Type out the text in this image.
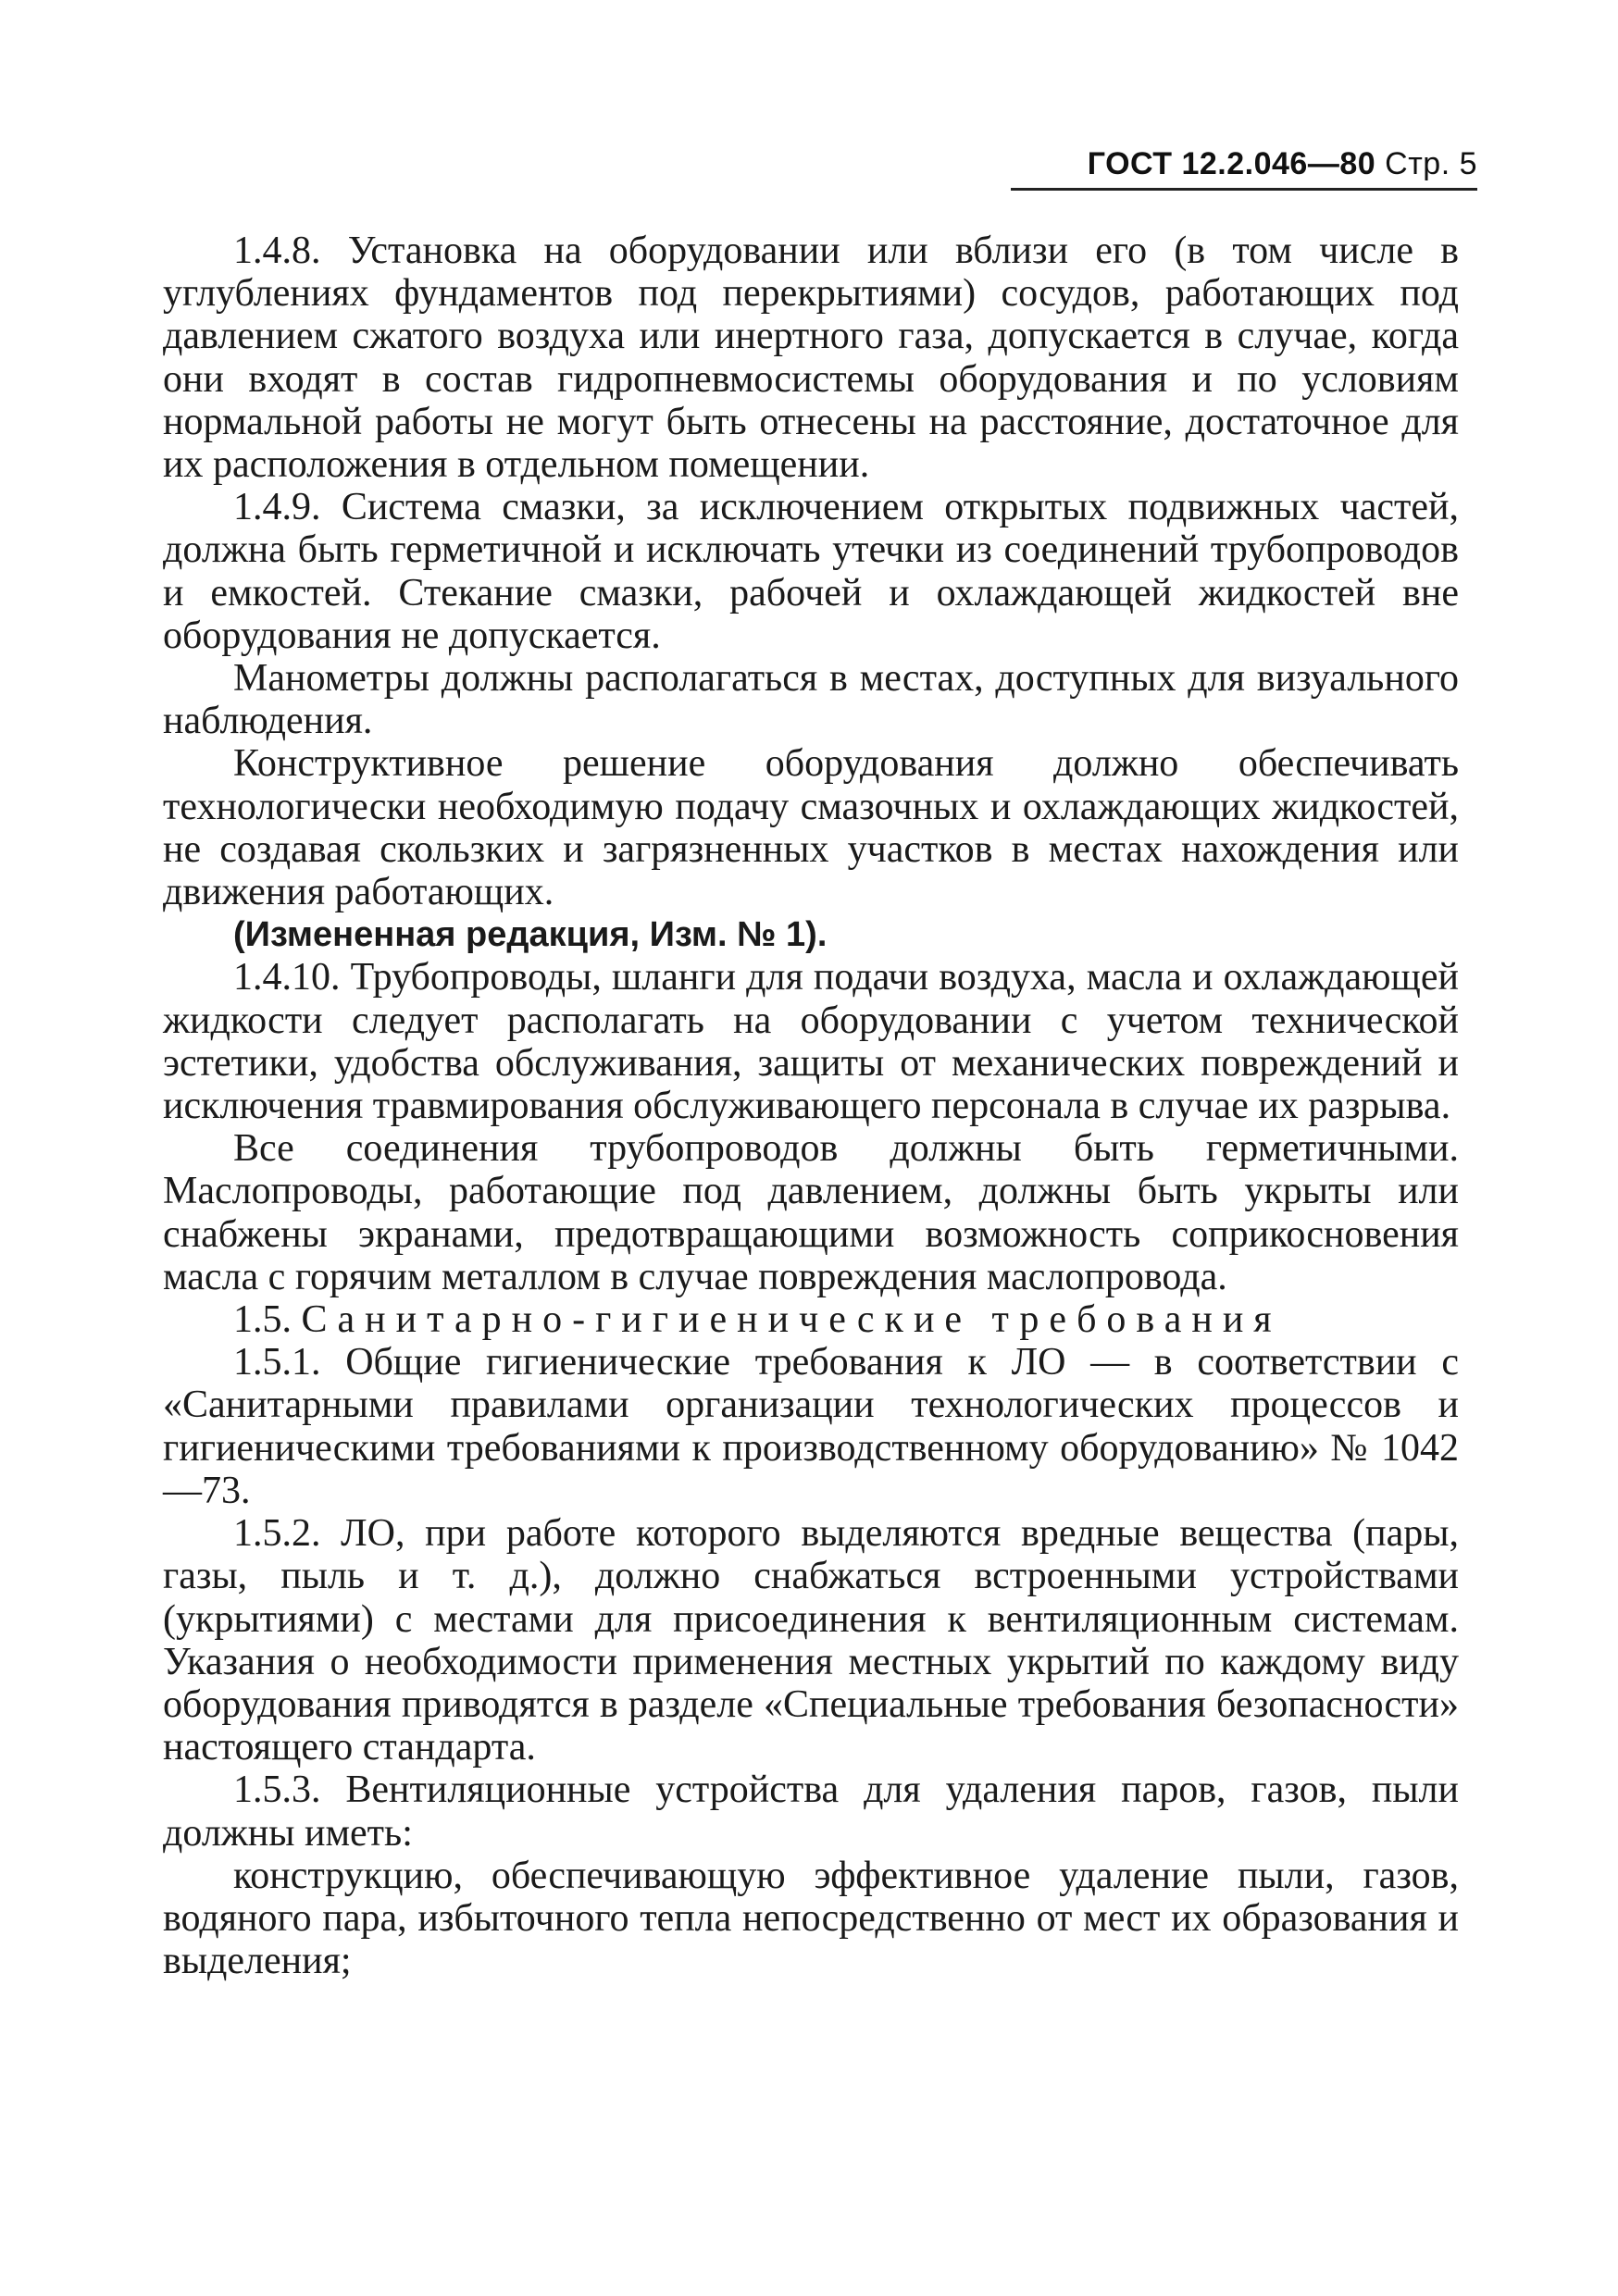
ГОСТ 12.2.046—80 Стр. 5

1.4.8. Установка на оборудовании или вблизи его (в том числе в углублениях фундаментов под перекрытиями) сосудов, работающих под давлением сжатого воздуха или инертного газа, допускается в случае, когда они входят в состав гидропневмосистемы оборудования и по условиям нормальной работы не могут быть отнесены на расстояние, достаточное для их расположения в отдельном помещении.

1.4.9. Система смазки, за исключением открытых подвижных частей, должна быть герметичной и исключать утечки из соединений трубопроводов и емкостей. Стекание смазки, рабочей и охлаждающей жидкостей вне оборудования не допускается.

Манометры должны располагаться в местах, доступных для визуального наблюдения.

Конструктивное решение оборудования должно обеспечивать технологически необходимую подачу смазочных и охлаждающих жидкостей, не создавая скользких и загрязненных участков в местах нахождения или движения работающих.

(Измененная редакция, Изм. № 1).

1.4.10. Трубопроводы, шланги для подачи воздуха, масла и охлаждающей жидкости следует располагать на оборудовании с учетом технической эстетики, удобства обслуживания, защиты от механических повреждений и исключения травмирования обслуживающего персонала в случае их разрыва.

Все соединения трубопроводов должны быть герметичными. Маслопроводы, работающие под давлением, должны быть укрыты или снабжены экранами, предотвращающими возможность соприкосновения масла с горячим металлом в случае повреждения маслопровода.

1.5. Санитарно-гигиенические требования

1.5.1. Общие гигиенические требования к ЛО — в соответствии с «Санитарными правилами организации технологических процессов и гигиеническими требованиями к производственному оборудованию» № 1042—73.

1.5.2. ЛО, при работе которого выделяются вредные вещества (пары, газы, пыль и т. д.), должно снабжаться встроенными устройствами (укрытиями) с местами для присоединения к вентиляционным системам. Указания о необходимости применения местных укрытий по каждому виду оборудования приводятся в разделе «Специальные требования безопасности» настоящего стандарта.

1.5.3. Вентиляционные устройства для удаления паров, газов, пыли должны иметь:

конструкцию, обеспечивающую эффективное удаление пыли, газов, водяного пара, избыточного тепла непосредственно от мест их образования и выделения;
